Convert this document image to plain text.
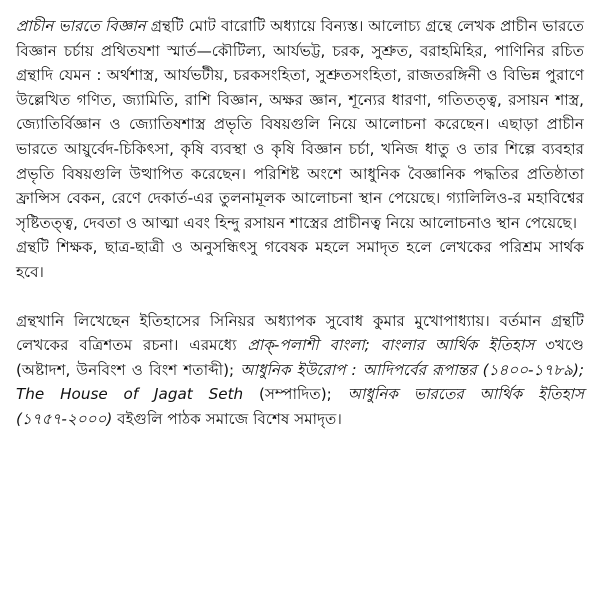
প্রাচীন ভারতে বিজ্ঞান গ্রন্থটি মোট বারোটি অধ্যায়ে বিন্যস্ত। আলোচ্য গ্রন্থে লেখক প্রাচীন ভারতে বিজ্ঞান চর্চায় প্রথিতযশা স্মার্ত—কৌটিল্য, আর্যভট্ট, চরক, সুশ্রুত, বরাহমিহির, পাণিনির রচিত গ্রন্থাদি যেমন : অর্থশাস্ত্র, আর্যভটীয়, চরকসংহিতা, সুশ্রুতসংহিতা, রাজতরঙ্গিনী ও বিভিন্ন পুরাণে উল্লেখিত গণিত, জ্যামিতি, রাশি বিজ্ঞান, অক্ষর জ্ঞান, শূন্যের ধারণা, গতিতত্ত্ব, রসায়ন শাস্ত্র, জ্যোতির্বিজ্ঞান ও জ্যোতিষশাস্ত্র প্রভৃতি বিষয়গুলি নিয়ে আলোচনা করেছেন। এছাড়া প্রাচীন ভারতে আয়ুর্বেদ-চিকিৎসা, কৃষি ব্যবস্থা ও কৃষি বিজ্ঞান চর্চা, খনিজ ধাতু ও তার শিল্পে ব্যবহার প্রভৃতি বিষয়গুলি উত্থাপিত করেছেন। পরিশিষ্ট অংশে আধুনিক বৈজ্ঞানিক পদ্ধতির প্রতিষ্ঠাতা ফ্রান্সিস বেকন, রেণে দেকার্ত-এর তুলনামূলক আলোচনা স্থান পেয়েছে। গ্যালিলিও-র মহাবিশ্বের সৃষ্টিতত্ত্ব, দেবতা ও আত্মা এবং হিন্দু রসায়ন শাস্ত্রের প্রাচীনত্ব নিয়ে আলোচনাও স্থান পেয়েছে।

গ্রন্থটি শিক্ষক, ছাত্র-ছাত্রী ও অনুসন্ধিৎসু গবেষক মহলে সমাদৃত হলে লেখকের পরিশ্রম সার্থক হবে।

গ্রন্থখানি লিখেছেন ইতিহাসের সিনিয়র অধ্যাপক সুবোধ কুমার মুখোপাধ্যায়। বর্তমান গ্রন্থটি লেখকের বত্রিশতম রচনা। এরমধ্যে প্রাক্-পলাশী বাংলা; বাংলার আর্থিক ইতিহাস ৩খণ্ডে (অষ্টাদশ, উনবিংশ ও বিংশ শতাব্দী); আধুনিক ইউরোপ : আদিপর্বের রূপান্তর (১৪০০-১৭৮৯); The House of Jagat Seth (সম্পাদিত); আধুনিক ভারতের আর্থিক ইতিহাস (১৭৫৭-২০০০) বইগুলি পাঠক সমাজে বিশেষ সমাদৃত।
